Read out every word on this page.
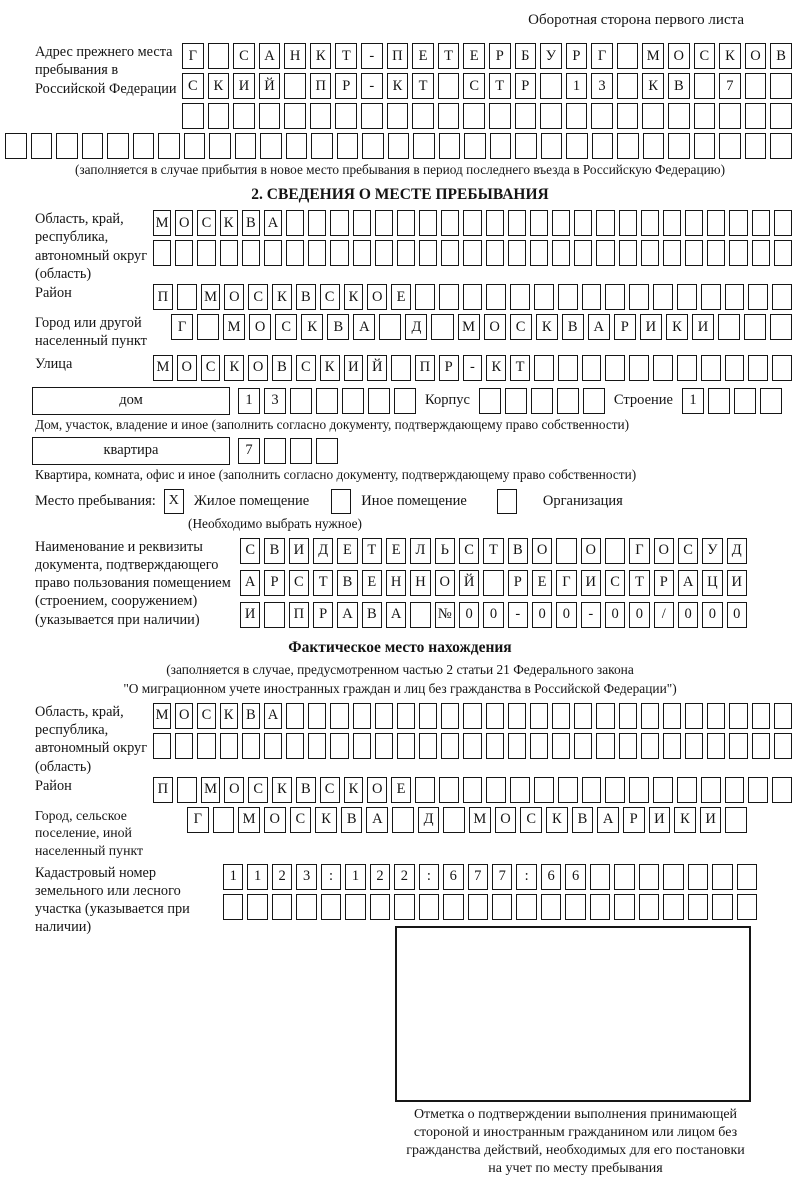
Оборотная сторона первого листа
Адрес прежнего места пребывания в Российской Федерации
Г	С	А	Н	К	Т	-	П	Е	Т	Е	Р	Б	У	Р	Г	М О	С	К	О	В
С	К	И	Й	П	Р	-	К	Т	С	Т	Р	1	3	К	В	7
(заполняется в случае прибытия в новое место пребывания в период последнего въезда в Российскую Федерацию)
2. СВЕДЕНИЯ О МЕСТЕ ПРЕБЫВАНИЯ
Область, край, республика, автономный округ (область)
М О С К В А
Район	П	М О С К В С К О Е
Город или другой населенный пункт
Г	М О	С	К	В	А	Д	М О	С	К	В	А	Р	И	К	И
Улица	М О С К О В С К И Й	П	Р	-	К	Т
дом	1	3	Корпус	Строение	1
Дом, участок, владение и иное (заполнить согласно документу, подтверждающему право собственности)
квартира	7
Квартира, комната, офис и иное (заполнить согласно документу, подтверждающему право собственности)
Место пребывания: X	Жилое помещение	Иное помещение	Организация
(Необходимо выбрать нужное)
Наименование и реквизиты документа, подтверждающего право пользования помещением (строением, сооружением) (указывается при наличии)
С	В И Д	Е	Т	Е	Л	Ь	С	Т	В О	О	Г	О С У Д
А	Р	С	Т	В	Е	Н Н О Й	Р	Е	Г	И С	Т	Р	А Ц И
И	П	Р	А В А	№ 0	0	-	0	0	-	0	0	/	0	0	0
Фактическое место нахождения
(заполняется в случае, предусмотренном частью 2 статьи 21 Федерального закона
"О миграционном учете иностранных граждан и лиц без гражданства в Российской Федерации")
Область, край, республика, автономный округ (область)
М О С К В А
Район	П	М О С К В С К О Е
Город, сельское поселение, иной населенный пункт
Г	М О	С	К	В	А	Д	М О	С	К	В	А	Р	И	К	И
Кадастровый номер земельного или лесного участка (указывается при наличии)
1	1	2	3	:	1	2	2	:	6	7	7	:	6	6
Отметка о подтверждении выполнения принимающей
стороной и иностранным гражданином или лицом без
гражданства действий, необходимых для его постановки
на учет по месту пребывания
